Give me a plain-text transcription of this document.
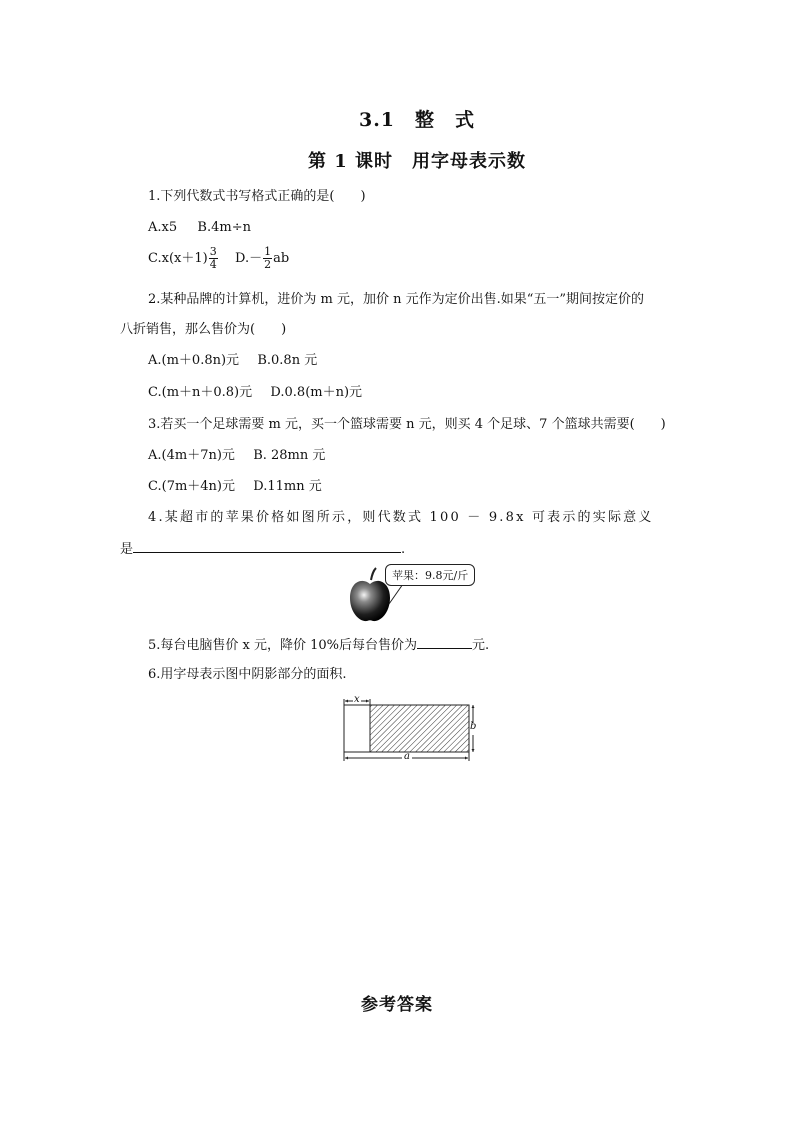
3.1　整　式
第 1 课时　用字母表示数
1.下列代数式书写格式正确的是(　　)
A.x5 B.4m÷n
$C.x(x+1) \frac{3}{4} D.- \frac{1}{2}$ ab
2.某种品牌的计算机，进价为 m 元，加价 n 元作为定价出售.如果“五一”期间按定价的
八折销售，那么售价为(　　)
A.(m＋0.8n)元 B.0.8n 元
C.(m＋n＋0.8)元 D.0.8(m＋n)元
3.若买一个足球需要 m 元，买一个篮球需要 n 元，则买 4 个足球、7 个篮球共需要(　　)
A.(4m＋7n)元 B. 28mn 元
C.(7m＋4n)元 D.11mn 元
4.某超市的苹果价格如图所示，则代数式 100 － 9.8x 可表示的实际意义
是	.
苹果：9.8元/斤
5.每台电脑售价 x 元，降价 10%后每台售价为	元.
6.用字母表示图中阴影部分的面积.
x
b
a
参考答案
